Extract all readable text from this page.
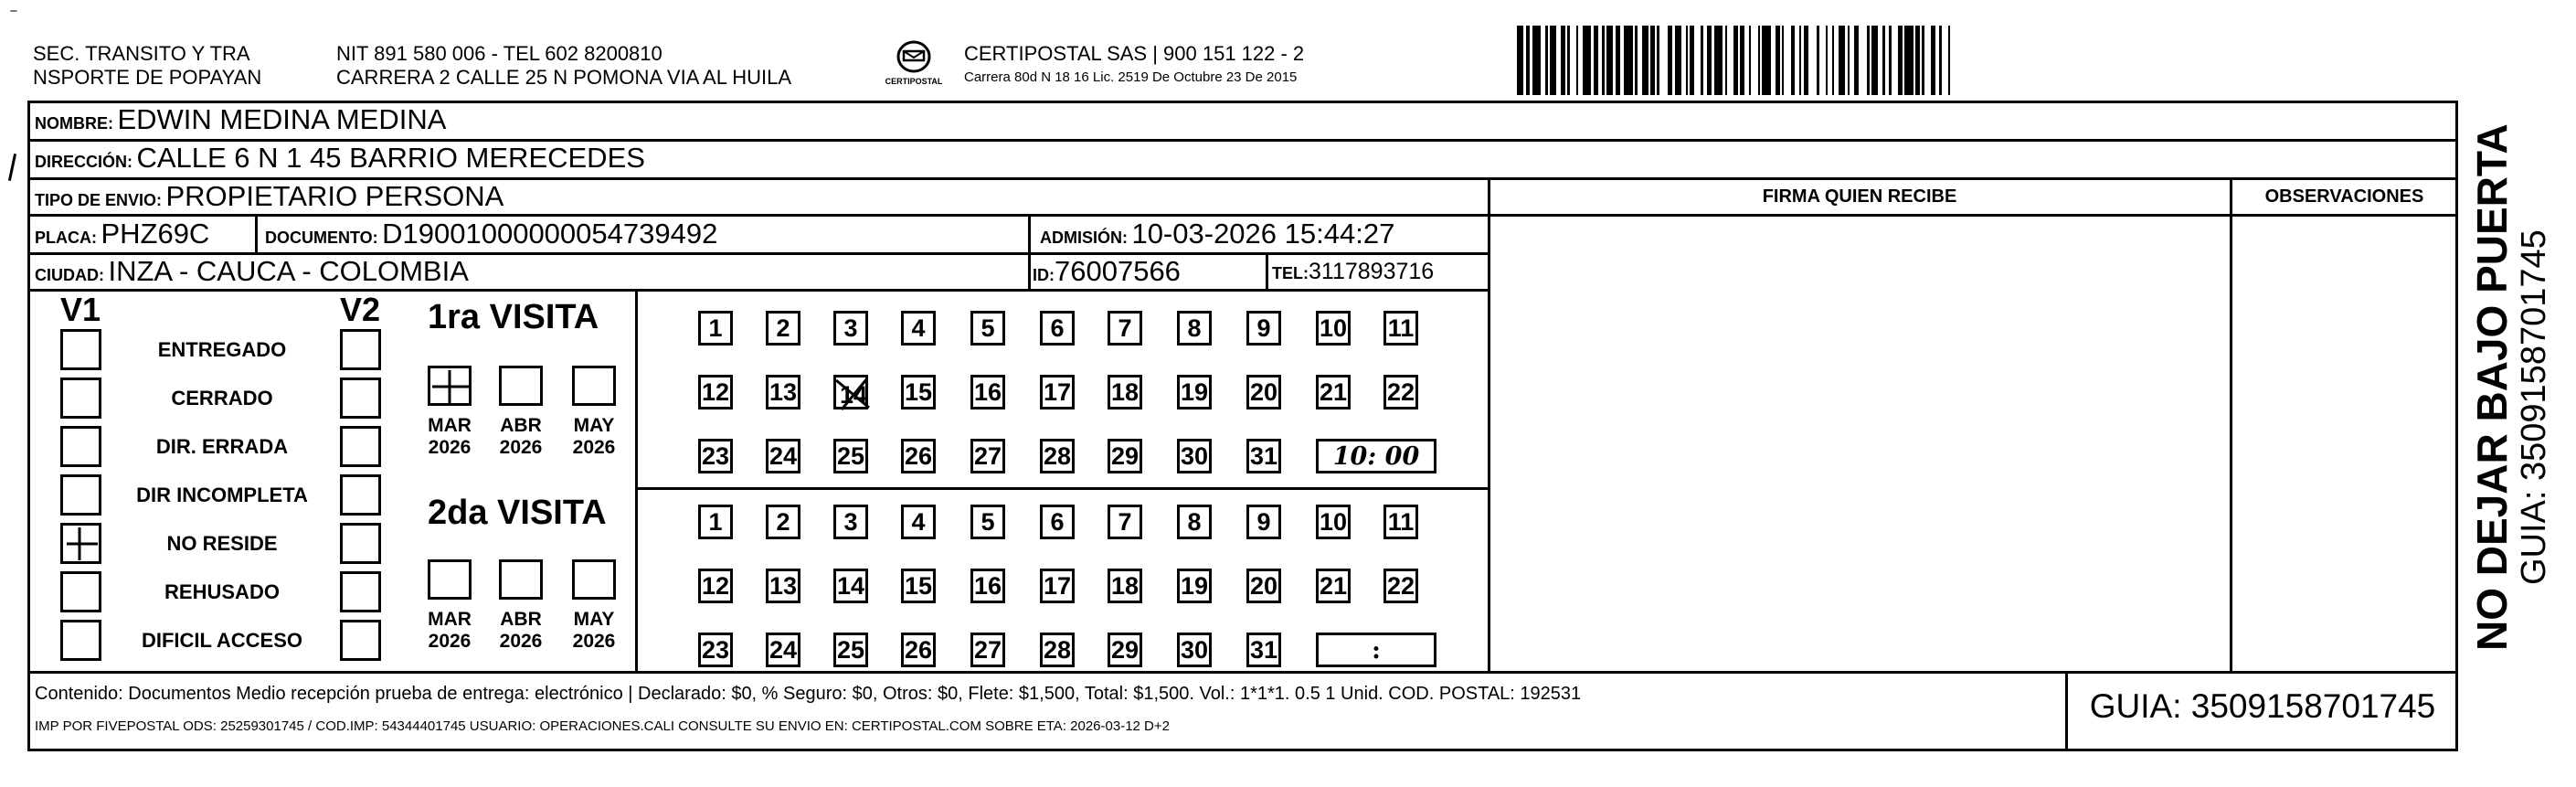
SEC. TRANSITO Y TRA
NSPORTE DE POPAYAN
NIT 891 580 006 - TEL 602 8200810
CARRERA 2 CALLE 25 N POMONA VIA AL HUILA	CERTIPOSTAL
CERTIPOSTAL SAS | 900 151 122 - 2
Carrera 80d N 18 16 Lic. 2519 De Octubre 23 De 2015
NOMBRE: EDWIN MEDINA MEDINA
DIRECCIÓN: CALLE 6 N 1 45 BARRIO MERECEDES
TIPO DE ENVIO: PROPIETARIO PERSONA
PLACA: PHZ69C	DOCUMENTO: D19001000000054739492	ADMISIÓN: 10-03-2026 15:44:27
CIUDAD: INZA - CAUCA - COLOMBIA	ID:76007566	TEL:3117893716
FIRMA QUIEN RECIBE	OBSERVACIONES
V1	V2
ENTREGADO
CERRADO
DIR. ERRADA
DIR INCOMPLETA
NO RESIDE
REHUSADO
DIFICIL ACCESO
1ra VISITA
MAR
2026
ABR
2026
MAY
2026
1	2	3	4	5	6	7	8	9	10 11
12 13 14 15 16 17 18 19 20 21 22
23 24 25 26 27 28 29 30 31	10: 00
2da VISITA
MAR
2026
ABR
2026
MAY
2026
1	2	3	4	5	6	7	8	9	10 11
12 13 14 15 16 17 18 19 20 21 22
23 24 25 26 27 28 29 30 31	:
Contenido: Documentos Medio recepción prueba de entrega: electrónico | Declarado: $0, % Seguro: $0, Otros: $0, Flete: $1,500, Total: $1,500. Vol.: 1*1*1. 0.5 1 Unid. COD. POSTAL: 192531
IMP POR FIVEPOSTAL ODS: 25259301745 / COD.IMP: 54344401745 USUARIO: OPERACIONES.CALI CONSULTE SU ENVIO EN: CERTIPOSTAL.COM SOBRE ETA: 2026-03-12 D+2
GUIA: 3509158701745
NO DEJAR BAJO PUERTA GUIA: 3509158701745
‾
